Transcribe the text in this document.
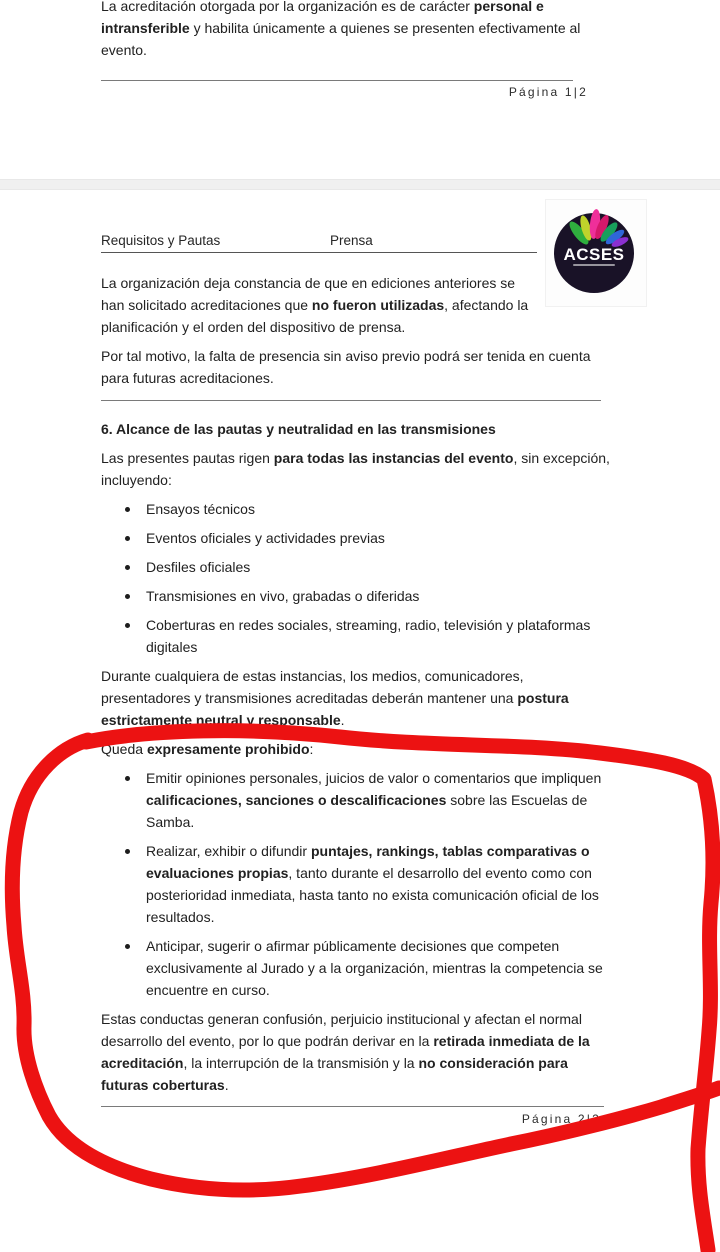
La acreditación otorgada por la organización es de carácter personal e
intransferible y habilita únicamente a quienes se presenten efectivamente al
evento.
Página 1|2
Requisitos y Pautas	Prensa
ACSES
La organización deja constancia de que en ediciones anteriores se
han solicitado acreditaciones que no fueron utilizadas, afectando la
planificación y el orden del dispositivo de prensa.
Por tal motivo, la falta de presencia sin aviso previo podrá ser tenida en cuenta
para futuras acreditaciones.
6. Alcance de las pautas y neutralidad en las transmisiones
Las presentes pautas rigen para todas las instancias del evento, sin excepción,
incluyendo:
Ensayos técnicos
Eventos oficiales y actividades previas
Desfiles oficiales
Transmisiones en vivo, grabadas o diferidas
Coberturas en redes sociales, streaming, radio, televisión y plataformas
digitales
Durante cualquiera de estas instancias, los medios, comunicadores,
presentadores y transmisiones acreditadas deberán mantener una postura
estrictamente neutral y responsable.
Queda expresamente prohibido:
Emitir opiniones personales, juicios de valor o comentarios que impliquen
calificaciones, sanciones o descalificaciones sobre las Escuelas de
Samba.
Realizar, exhibir o difundir puntajes, rankings, tablas comparativas o
evaluaciones propias, tanto durante el desarrollo del evento como con
posterioridad inmediata, hasta tanto no exista comunicación oficial de los
resultados.
Anticipar, sugerir o afirmar públicamente decisiones que competen
exclusivamente al Jurado y a la organización, mientras la competencia se
encuentre en curso.
Estas conductas generan confusión, perjuicio institucional y afectan el normal
desarrollo del evento, por lo que podrán derivar en la retirada inmediata de la
acreditación, la interrupción de la transmisión y la no consideración para
futuras coberturas.
Página 2|2
